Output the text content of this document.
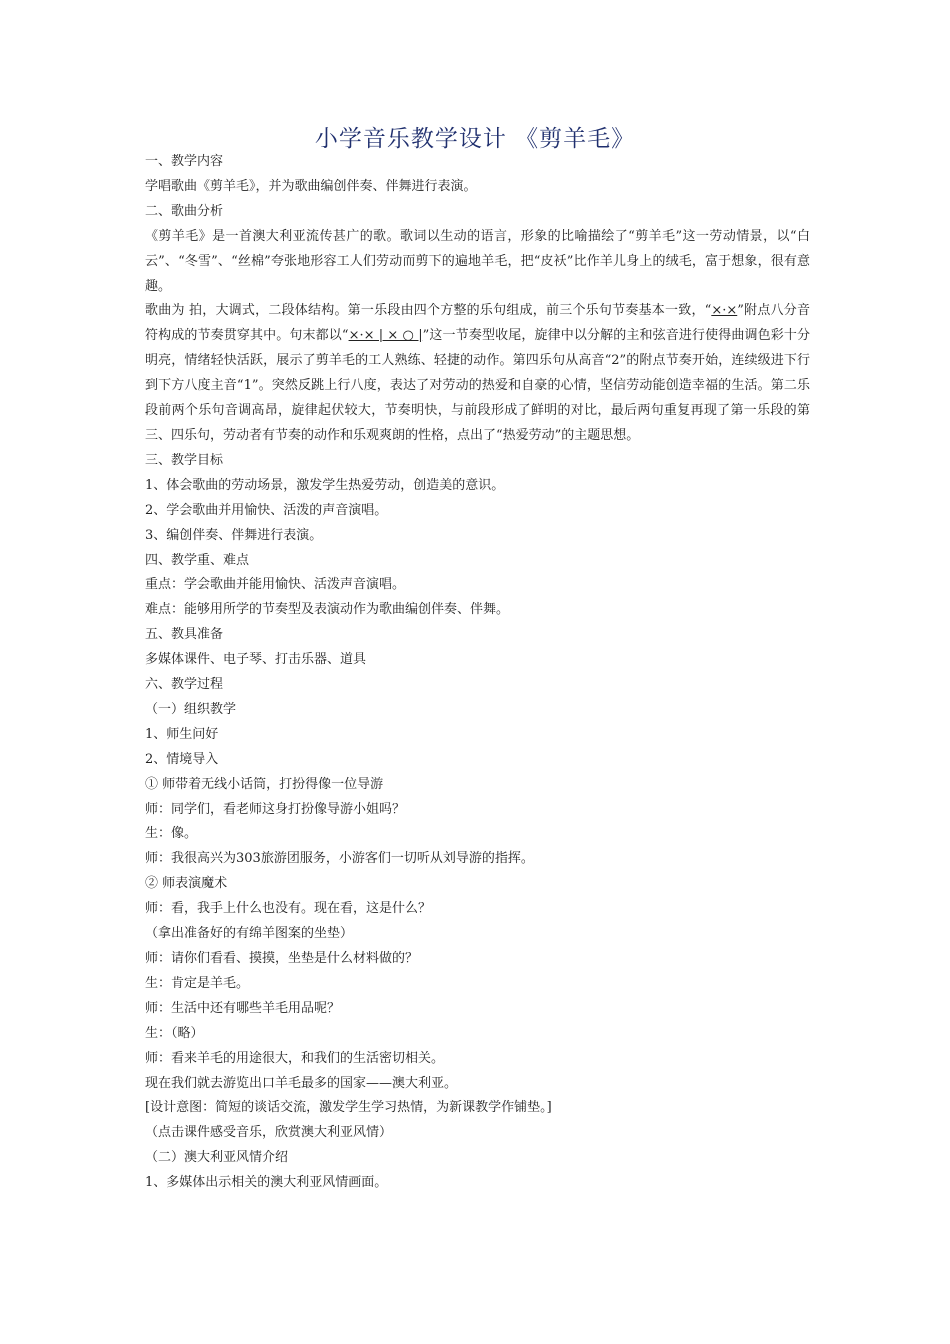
小学音乐教学设计 《剪羊毛》

一、教学内容

学唱歌曲《剪羊毛》，并为歌曲编创伴奏、伴舞进行表演。

二、歌曲分析

《剪羊毛》是一首澳大利亚流传甚广的歌。歌词以生动的语言，形象的比喻描绘了“剪羊毛”这一劳动情景，以“白云”、“冬雪”、“丝棉”夸张地形容工人们劳动而剪下的遍地羊毛，把“皮袄”比作羊儿身上的绒毛，富于想象，很有意趣。

歌曲为 拍，大调式，二段体结构。第一乐段由四个方整的乐句组成，前三个乐句节奏基本一致，“×·×”附点八分音符构成的节奏贯穿其中。句末都以“×·× | × ○ |”这一节奏型收尾，旋律中以分解的主和弦音进行使得曲调色彩十分明亮，情绪轻快活跃，展示了剪羊毛的工人熟练、轻捷的动作。第四乐句从高音“2”的附点节奏开始，连续级进下行到下方八度主音“1”。突然反跳上行八度，表达了对劳动的热爱和自豪的心情，坚信劳动能创造幸福的生活。第二乐段前两个乐句音调高昂，旋律起伏较大，节奏明快，与前段形成了鲜明的对比，最后两句重复再现了第一乐段的第三、四乐句，劳动者有节奏的动作和乐观爽朗的性格，点出了“热爱劳动”的主题思想。

三、教学目标

1、体会歌曲的劳动场景，激发学生热爱劳动，创造美的意识。

2、学会歌曲并用愉快、活泼的声音演唱。

3、编创伴奏、伴舞进行表演。

四、教学重、难点

重点：学会歌曲并能用愉快、活泼声音演唱。

难点：能够用所学的节奏型及表演动作为歌曲编创伴奏、伴舞。

五、教具准备

多媒体课件、电子琴、打击乐器、道具

六、教学过程

（一）组织教学

1、师生问好

2、情境导入

① 师带着无线小话筒，打扮得像一位导游

师：同学们，看老师这身打扮像导游小姐吗？

生：像。

师：我很高兴为303旅游团服务，小游客们一切听从刘导游的指挥。

② 师表演魔术

师：看，我手上什么也没有。现在看，这是什么？

（拿出准备好的有绵羊图案的坐垫）

师：请你们看看、摸摸，坐垫是什么材料做的？

生：肯定是羊毛。

师：生活中还有哪些羊毛用品呢？

生：（略）

师：看来羊毛的用途很大，和我们的生活密切相关。

现在我们就去游览出口羊毛最多的国家——澳大利亚。

[设计意图：简短的谈话交流，激发学生学习热情，为新课教学作铺垫。]

（点击课件感受音乐，欣赏澳大利亚风情）

（二）澳大利亚风情介绍

1、多媒体出示相关的澳大利亚风情画面。
